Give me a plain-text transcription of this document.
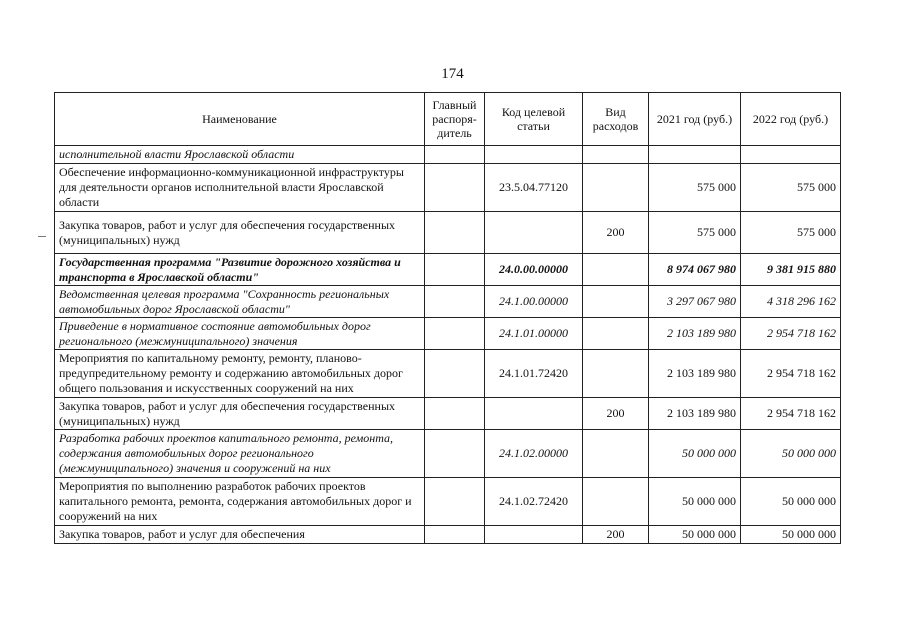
174
Наименование	Главный распоря-дитель	Код целевой статьи	Вид расходов	2021 год (руб.)	2022 год (руб.)
исполнительной власти Ярославской области					
Обеспечение информационно-коммуникационной инфраструктуры для деятельности органов исполнительной власти Ярославской области		23.5.04.77120		575 000	575 000
Закупка товаров, работ и услуг для обеспечения государственных (муниципальных) нужд			200	575 000	575 000
Государственная программа "Развитие дорожного хозяйства и транспорта в Ярославской области"		24.0.00.00000		8 974 067 980	9 381 915 880
Ведомственная целевая программа "Сохранность региональных автомобильных дорог Ярославской области"		24.1.00.00000		3 297 067 980	4 318 296 162
Приведение в нормативное состояние автомобильных дорог регионального (межмуниципального) значения		24.1.01.00000		2 103 189 980	2 954 718 162
Мероприятия по капитальному ремонту, ремонту, планово-предупредительному ремонту и содержанию автомобильных дорог общего пользования и искусственных сооружений на них		24.1.01.72420		2 103 189 980	2 954 718 162
Закупка товаров, работ и услуг для обеспечения государственных (муниципальных) нужд			200	2 103 189 980	2 954 718 162
Разработка рабочих проектов капитального ремонта, ремонта, содержания автомобильных дорог регионального (межмуниципального) значения и сооружений на них		24.1.02.00000		50 000 000	50 000 000
Мероприятия по выполнению разработок рабочих проектов капитального ремонта, ремонта, содержания автомобильных дорог и сооружений на них		24.1.02.72420		50 000 000	50 000 000
Закупка товаров, работ и услуг для обеспечения			200	50 000 000	50 000 000
